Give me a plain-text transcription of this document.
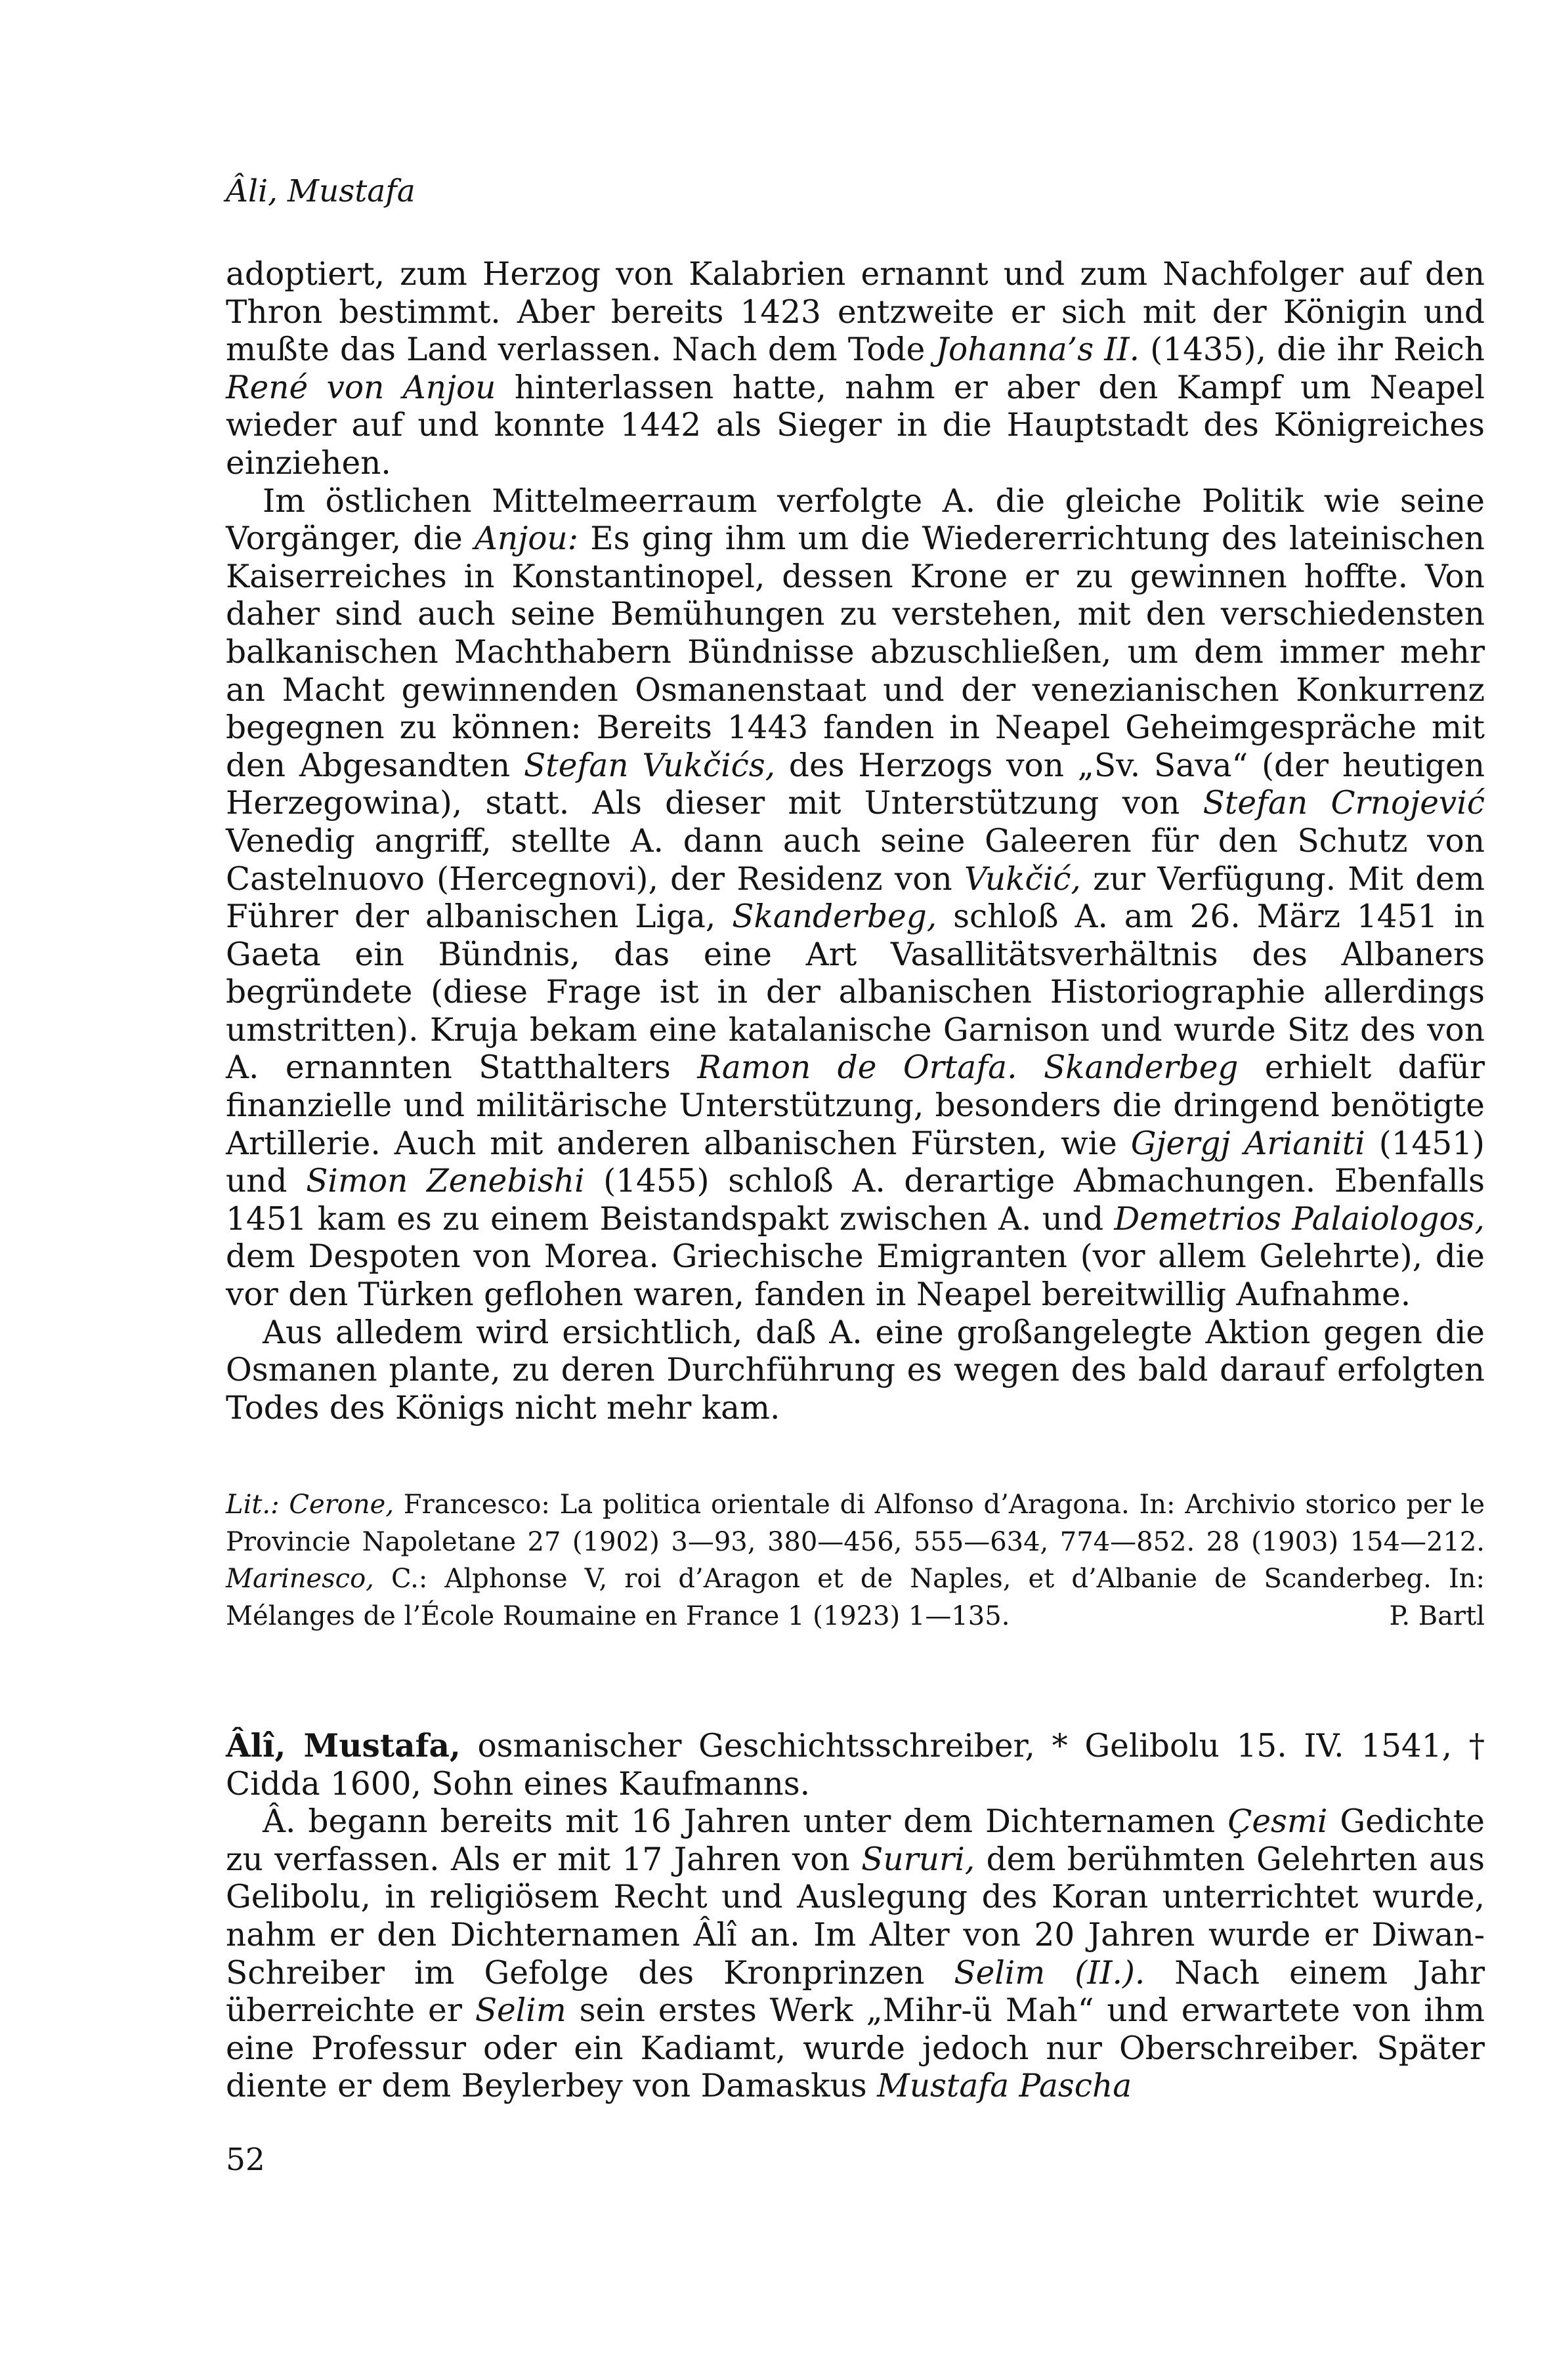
Âli, Mustafa

adoptiert, zum Herzog von Kalabrien ernannt und zum Nachfolger auf den Thron bestimmt. Aber bereits 1423 entzweite er sich mit der Königin und mußte das Land verlassen. Nach dem Tode Johanna’s II. (1435), die ihr Reich René von Anjou hinterlassen hatte, nahm er aber den Kampf um Neapel wieder auf und konnte 1442 als Sieger in die Hauptstadt des Königreiches einziehen.

Im östlichen Mittelmeerraum verfolgte A. die gleiche Politik wie seine Vorgänger, die Anjou: Es ging ihm um die Wiedererrichtung des lateinischen Kaiserreiches in Konstantinopel, dessen Krone er zu gewinnen hoffte. Von daher sind auch seine Bemühungen zu verstehen, mit den verschiedensten balkanischen Machthabern Bündnisse abzuschließen, um dem immer mehr an Macht gewinnenden Osmanenstaat und der venezianischen Konkurrenz begegnen zu können: Bereits 1443 fanden in Neapel Geheimgespräche mit den Abgesandten Stefan Vukčićs, des Herzogs von „Sv. Sava“ (der heutigen Herzegowina), statt. Als dieser mit Unterstützung von Stefan Crnojević Venedig angriff, stellte A. dann auch seine Galeeren für den Schutz von Castelnuovo (Hercegnovi), der Residenz von Vukčić, zur Verfügung. Mit dem Führer der albanischen Liga, Skanderbeg, schloß A. am 26. März 1451 in Gaeta ein Bündnis, das eine Art Vasallitätsverhältnis des Albaners begründete (diese Frage ist in der albanischen Historiographie allerdings umstritten). Kruja bekam eine katalanische Garnison und wurde Sitz des von A. ernannten Statthalters Ramon de Ortafa. Skanderbeg erhielt dafür finanzielle und militärische Unterstützung, besonders die dringend benötigte Artillerie. Auch mit anderen albanischen Fürsten, wie Gjergj Arianiti (1451) und Simon Zenebishi (1455) schloß A. derartige Abmachungen. Ebenfalls 1451 kam es zu einem Beistandspakt zwischen A. und Demetrios Palaiologos, dem Despoten von Morea. Griechische Emigranten (vor allem Gelehrte), die vor den Türken geflohen waren, fanden in Neapel bereitwillig Aufnahme.

Aus alledem wird ersichtlich, daß A. eine großangelegte Aktion gegen die Osmanen plante, zu deren Durchführung es wegen des bald darauf erfolgten Todes des Königs nicht mehr kam.

Lit.: Cerone, Francesco: La politica orientale di Alfonso d’Aragona. In: Archivio storico per le Provincie Napoletane 27 (1902) 3—93, 380—456, 555—634, 774—852. 28 (1903) 154—212. Marinesco, C.: Alphonse V, roi d’Aragon et de Naples, et d’Albanie de Scanderbeg. In: Mélanges de l’École Roumaine en France 1 (1923) 1—135.	P. Bartl

Âlî, Mustafa, osmanischer Geschichtsschreiber, * Gelibolu 15. IV. 1541, † Cidda 1600, Sohn eines Kaufmanns.

Â. begann bereits mit 16 Jahren unter dem Dichternamen Çesmi Gedichte zu verfassen. Als er mit 17 Jahren von Sururi, dem berühmten Gelehrten aus Gelibolu, in religiösem Recht und Auslegung des Koran unterrichtet wurde, nahm er den Dichternamen Âlî an. Im Alter von 20 Jahren wurde er Diwan-Schreiber im Gefolge des Kronprinzen Selim (II.). Nach einem Jahr überreichte er Selim sein erstes Werk „Mihr-ü Mah“ und erwartete von ihm eine Professur oder ein Kadiamt, wurde jedoch nur Oberschreiber. Später diente er dem Beylerbey von Damaskus Mustafa Pascha

52
